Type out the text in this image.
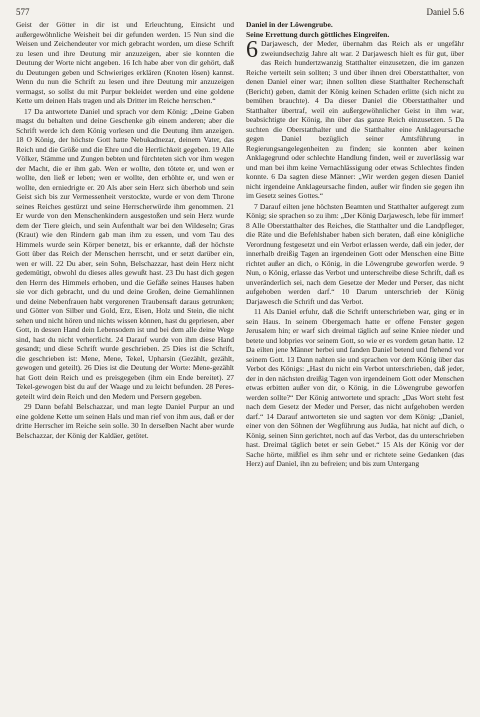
577	Daniel 5.6

Geist der Götter in dir ist und Erleuchtung, Einsicht und außergewöhnliche Weisheit bei dir gefunden werden. 15 Nun sind die Weisen und Zeichendeuter vor mich gebracht worden, um diese Schrift zu lesen und ihre Deutung mir anzuzeigen, aber sie konnten die Deutung der Worte nicht angeben. 16 Ich habe aber von dir gehört, daß du Deutungen geben und Schwieriges erklären (Knoten lösen) kannst. Wenn du nun die Schrift zu lesen und ihre Deutung mir anzuzeigen vermagst, so sollst du mit Purpur bekleidet werden und eine goldene Kette um deinen Hals tragen und als Dritter im Reiche herrschen.“

17 Da antwortete Daniel und sprach vor dem König: „Deine Gaben magst du behalten und deine Geschenke gib einem anderen; aber die Schrift werde ich dem König vorlesen und die Deutung ihm anzeigen. 18 O König, der höchste Gott hatte Nebukadnezar, deinem Vater, das Reich und die Größe und die Ehre und die Herrlichkeit gegeben. 19 Alle Völker, Stämme und Zungen bebten und fürchteten sich vor ihm wegen der Macht, die er ihm gab. Wen er wollte, den tötete er, und wen er wollte, den ließ er leben; wen er wollte, den erhöhte er, und wen er wollte, den erniedrigte er. 20 Als aber sein Herz sich überhob und sein Geist sich bis zur Vermessenheit verstockte, wurde er von dem Throne seines Reiches gestürzt und seine Herrscherwürde ihm genommen. 21 Er wurde von den Menschenkindern ausgestoßen und sein Herz wurde dem der Tiere gleich, und sein Aufenthalt war bei den Wildeseln; Gras (Kraut) wie den Rindern gab man ihm zu essen, und vom Tau des Himmels wurde sein Körper benetzt, bis er erkannte, daß der höchste Gott über das Reich der Menschen herrscht, und er setzt darüber ein, wen er will. 22 Du aber, sein Sohn, Belschazzar, hast dein Herz nicht gedemütigt, obwohl du dieses alles gewußt hast. 23 Du hast dich gegen den Herrn des Himmels erhoben, und die Gefäße seines Hauses haben sie vor dich gebracht, und du und deine Großen, deine Gemahlinnen und deine Nebenfrauen habt vergorenen Traubensaft daraus getrunken; und Götter von Silber und Gold, Erz, Eisen, Holz und Stein, die nicht sehen und nicht hören und nichts wissen können, hast du gepriesen, aber Gott, in dessen Hand dein Lebensodem ist und bei dem alle deine Wege sind, hast du nicht verherrlicht. 24 Darauf wurde von ihm diese Hand gesandt; und diese Schrift wurde geschrieben. 25 Dies ist die Schrift, die geschrieben ist: Mene, Mene, Tekel, Upharsin (Gezählt, gezählt, gewogen und geteilt). 26 Dies ist die Deutung der Worte: Mene-gezählt hat Gott dein Reich und es preisgegeben (ihm ein Ende bereitet). 27 Tekel-gewogen bist du auf der Waage und zu leicht befunden. 28 Peres-geteilt wird dein Reich und den Medern und Persern gegeben.

29 Dann befahl Belschazzar, und man legte Daniel Purpur an und eine goldene Kette um seinen Hals und man rief von ihm aus, daß er der dritte Herrscher im Reiche sein solle. 30 In derselben Nacht aber wurde Belschazzar, der König der Kaldäer, getötet.

Daniel in der Löwengrube.
Seine Errettung durch göttliches Eingreifen.

6 Darjawesch, der Meder, übernahm das Reich als er ungefähr zweiundsechzig Jahre alt war. 2 Darjawesch hielt es für gut, über das Reich hundertzwanzig Statthalter einzusetzen, die im ganzen Reiche verteilt sein sollten; 3 und über ihnen drei Oberstatthalter, von denen Daniel einer war; ihnen sollten diese Statthalter Rechenschaft (Bericht) geben, damit der König keinen Schaden erlitte (sich nicht zu bemühen brauchte). 4 Da dieser Daniel die Oberstatthalter und Statthalter übertraf, weil ein außergewöhnlicher Geist in ihm war, beabsichtigte der König, ihn über das ganze Reich einzusetzen. 5 Da suchten die Oberstatthalter und die Statthalter eine Anklageursache gegen Daniel bezüglich seiner Amtsführung in Regierungsangelegenheiten zu finden; sie konnten aber keinen Anklagegrund oder schlechte Handlung finden, weil er zuverlässig war und man bei ihm keine Vernachlässigung oder etwas Schlechtes finden konnte. 6 Da sagten diese Männer: „Wir werden gegen diesen Daniel nicht irgendeine Anklageursache finden, außer wir finden sie gegen ihn im Gesetz seines Gottes.“

7 Darauf eilten jene höchsten Beamten und Statthalter aufgeregt zum König; sie sprachen so zu ihm: „Der König Darjawesch, lebe für immer! 8 Alle Oberstatthalter des Reiches, die Statthalter und die Landpfleger, die Räte und die Befehlshaber haben sich beraten, daß eine königliche Verordnung festgesetzt und ein Verbot erlassen werde, daß ein jeder, der innerhalb dreißig Tagen an irgendeinen Gott oder Menschen eine Bitte richtet außer an dich, o König, in die Löwengrube geworfen werde. 9 Nun, o König, erlasse das Verbot und unterschreibe diese Schrift, daß es unveränderlich sei, nach dem Gesetze der Meder und Perser, das nicht aufgehoben werden darf.“ 10 Darum unterschrieb der König Darjawesch die Schrift und das Verbot.

11 Als Daniel erfuhr, daß die Schrift unterschrieben war, ging er in sein Haus. In seinem Obergemach hatte er offene Fenster gegen Jerusalem hin; er warf sich dreimal täglich auf seine Kniee nieder und betete und lobpries vor seinem Gott, so wie er es vordem getan hatte. 12 Da eilten jene Männer herbei und fanden Daniel betend und flehend vor seinem Gott. 13 Dann nahten sie und sprachen vor dem König über das Verbot des Königs: „Hast du nicht ein Verbot unterschrieben, daß jeder, der in den nächsten dreißig Tagen von irgendeinem Gott oder Menschen etwas erbitten außer von dir, o König, in die Löwengrube geworfen werden sollte?“ Der König antwortete und sprach: „Das Wort steht fest nach dem Gesetz der Meder und Perser, das nicht aufgehoben werden darf.“ 14 Darauf antworteten sie und sagten vor dem König: „Daniel, einer von den Söhnen der Wegführung aus Judäa, hat nicht auf dich, o König, seinen Sinn gerichtet, noch auf das Verbot, das du unterschrieben hast. Dreimal täglich betet er sein Gebet.“ 15 Als der König vor der Sache hörte, mißfiel es ihm sehr und er richtete seine Gedanken (das Herz) auf Daniel, ihn zu befreien; und bis zum Untergang
